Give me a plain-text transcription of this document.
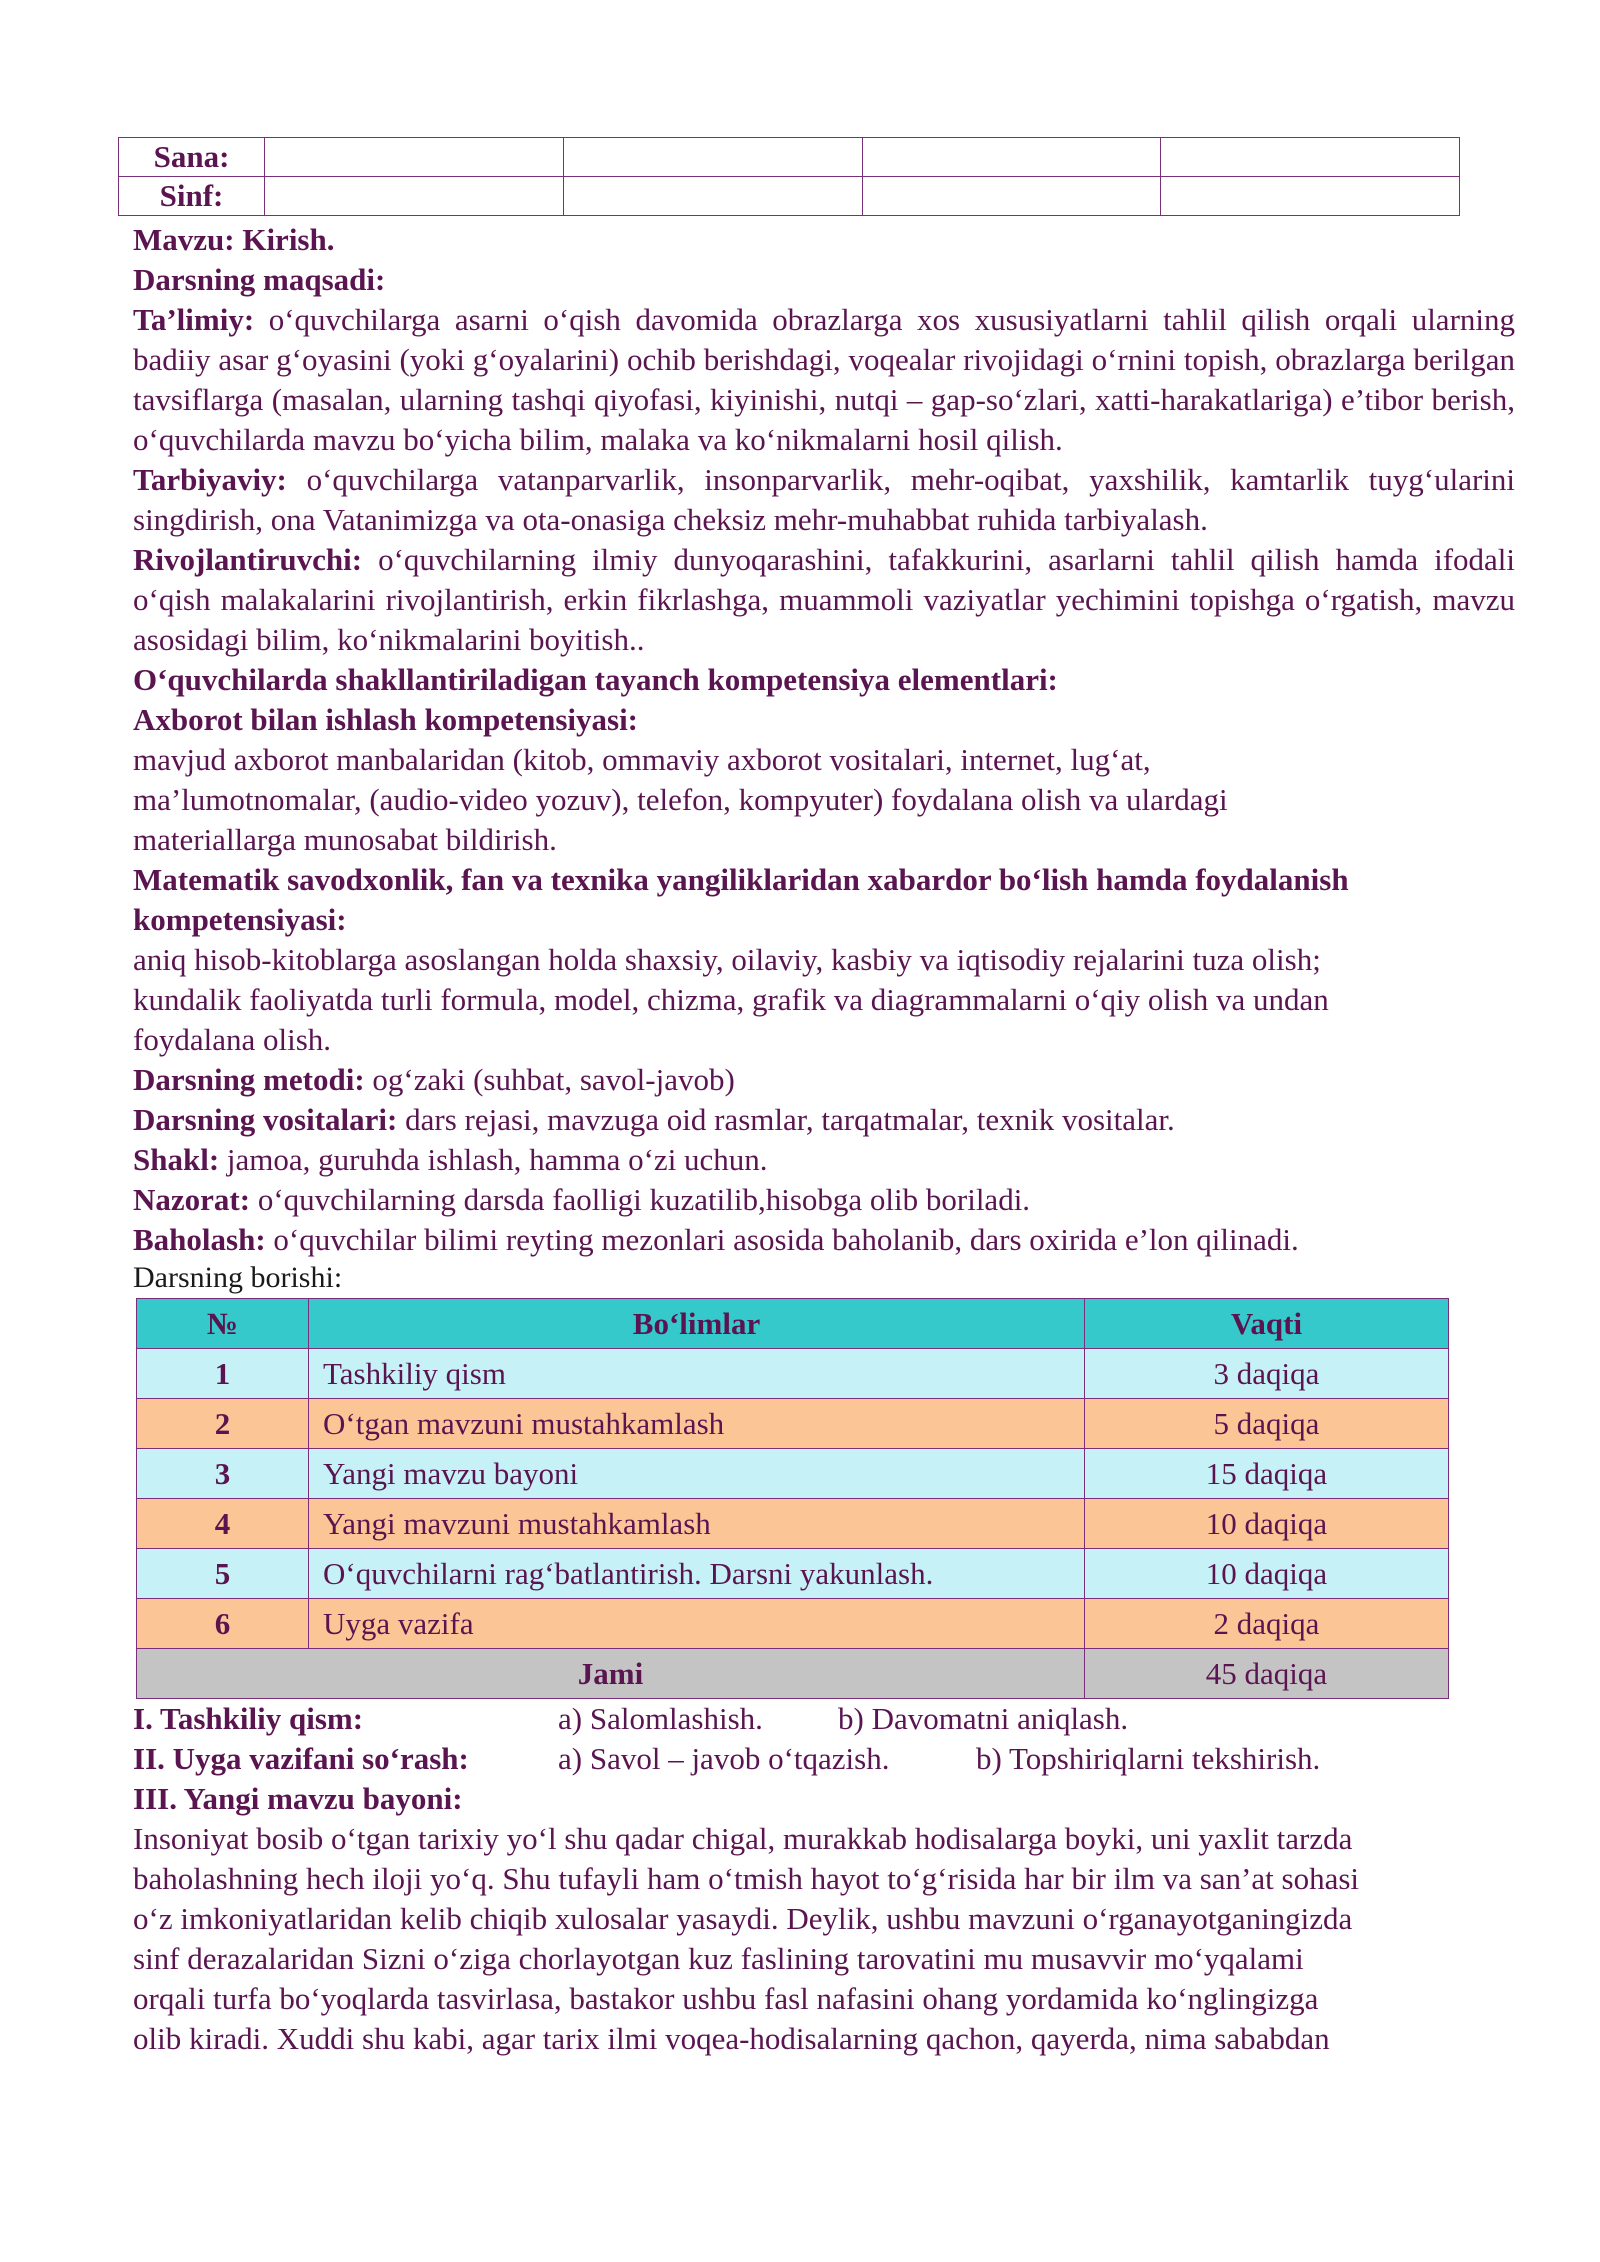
Sana:				
Sinf:				

Mavzu: Kirish.

Darsning maqsadi:

Ta’limiy: o‘quvchilarga asarni o‘qish davomida obrazlarga xos xususiyatlarni tahlil qilish orqali ularning badiiy asar g‘oyasini (yoki g‘oyalarini) ochib berishdagi, voqealar rivojidagi o‘rnini topish, obrazlarga berilgan tavsiflarga (masalan, ularning tashqi qiyofasi, kiyinishi, nutqi – gap-so‘zlari, xatti-harakatlariga) e’tibor berish, o‘quvchilarda mavzu bo‘yicha bilim, malaka va ko‘nikmalarni hosil qilish.

Tarbiyaviy: o‘quvchilarga vatanparvarlik, insonparvarlik, mehr-oqibat, yaxshilik, kamtarlik tuyg‘ularini singdirish, ona Vatanimizga va ota-onasiga cheksiz mehr-muhabbat ruhida tarbiyalash.

Rivojlantiruvchi: o‘quvchilarning ilmiy dunyoqarashini, tafakkurini, asarlarni tahlil qilish hamda ifodali o‘qish malakalarini rivojlantirish, erkin fikrlashga, muammoli vaziyatlar yechimini topishga o‘rgatish, mavzu asosidagi bilim, ko‘nikmalarini boyitish..

O‘quvchilarda shakllantiriladigan tayanch kompetensiya elementlari:

Axborot bilan ishlash kompetensiyasi:

mavjud axborot manbalaridan (kitob, ommaviy axborot vositalari, internet, lug‘at,

ma’lumotnomalar, (audio-video yozuv), telefon, kompyuter) foydalana olish va ulardagi

materiallarga munosabat bildirish.

Matematik savodxonlik, fan va texnika yangiliklaridan xabardor bo‘lish hamda foydalanish kompetensiyasi:

aniq hisob-kitoblarga asoslangan holda shaxsiy, oilaviy, kasbiy va iqtisodiy rejalarini tuza olish;

kundalik faoliyatda turli formula, model, chizma, grafik va diagrammalarni o‘qiy olish va undan

foydalana olish.

Darsning metodi: og‘zaki (suhbat, savol-javob)

Darsning vositalari: dars rejasi, mavzuga oid rasmlar, tarqatmalar, texnik vositalar.

Shakl: jamoa, guruhda ishlash, hamma o‘zi uchun.

Nazorat: o‘quvchilarning darsda faolligi kuzatilib,hisobga olib boriladi.

Baholash: o‘quvchilar bilimi reyting mezonlari asosida baholanib, dars oxirida e’lon qilinadi.

Darsning borishi:

№	Bo‘limlar	Vaqti
1	Tashkiliy qism	3 daqiqa
2	O‘tgan mavzuni mustahkamlash	5 daqiqa
3	Yangi mavzu bayoni	15 daqiqa
4	Yangi mavzuni mustahkamlash	10 daqiqa
5	O‘quvchilarni rag‘batlantirish. Darsni yakunlash.	10 daqiqa
6	Uyga vazifa	2 daqiqa
Jami		45 daqiqa
I. Tashkiliy qism:	a) Salomlashish.	b) Davomatni aniqlash.
II. Uyga vazifani so‘rash:	a) Savol – javob o‘tqazish.	b) Topshiriqlarni tekshirish.

III. Yangi mavzu bayoni:

Insoniyat bosib o‘tgan tarixiy yo‘l shu qadar chigal, murakkab hodisalarga boyki, uni yaxlit tarzda

baholashning hech iloji yo‘q. Shu tufayli ham o‘tmish hayot to‘g‘risida har bir ilm va san’at sohasi

o‘z imkoniyatlaridan kelib chiqib xulosalar yasaydi. Deylik, ushbu mavzuni o‘rganayotganingizda

sinf derazalaridan Sizni o‘ziga chorlayotgan kuz faslining tarovatini mu musavvir mo‘yqalami

orqali turfa bo‘yoqlarda tasvirlasa, bastakor ushbu fasl nafasini ohang yordamida ko‘nglingizga

olib kiradi. Xuddi shu kabi, agar tarix ilmi voqea-hodisalarning qachon, qayerda, nima sababdan
